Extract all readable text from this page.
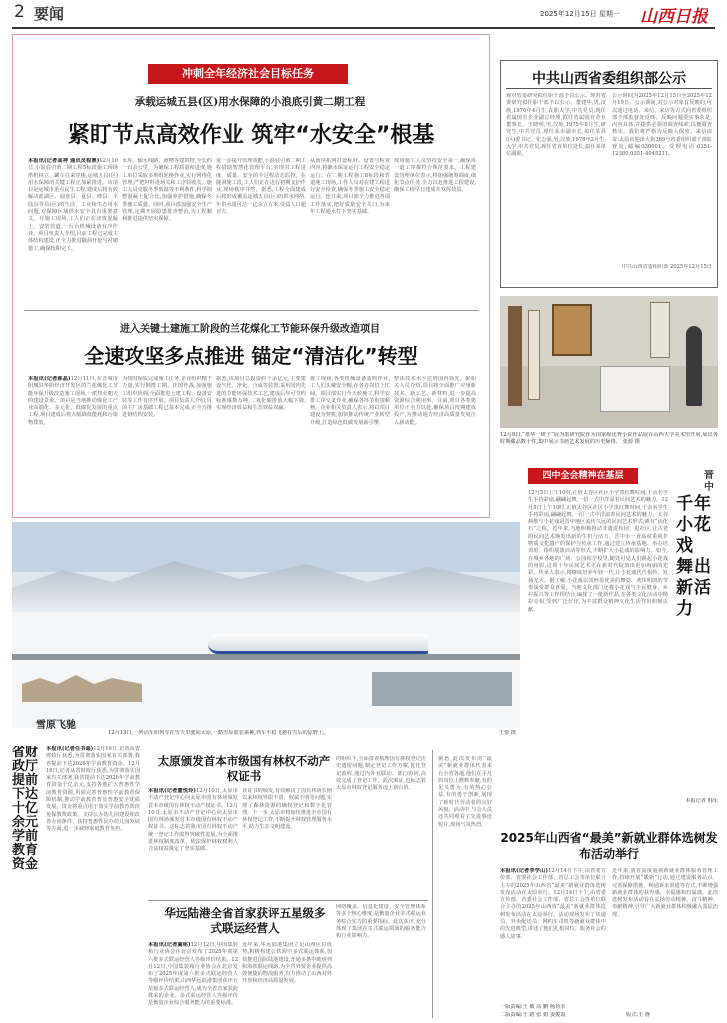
2 要闻	2025年12月15日 星期一 山西日报
冲刺全年经济社会目标任务
承载运城五县(区)用水保障的小浪底引黄二期工程
紧盯节点高效作业 筑牢“水安全”根基
本报讯(记者高神 通讯员程鼎)12月10日,小浪底引黄二期工程5标段施工现场塔机林立、罐车往来穿梭,运城五县(区)用水保障的关键工程正加紧推进。该项目是运城市重点民生工程,建成后将有效解决盐湖区、闻喜县、夏县、绛县、平陆县等县(区)的生活、工业和生态用水问题,对保障区域供水安全具有重要意义。在施工现场,工人们正在浇筑混凝土、安装管道,一台台机械设备有序作业。项目负责人介绍,目前工程已完成主体结构建设,正全力推进隧洞开挖与衬砌施工,确保按期完工。
水库、输水线路、渡槽等建筑物,全长约一百余公里。为确保工程质量和进度,施工单位采取多班组轮换作业,实行网格化管理,严把材料进场关和工序验收关。施工人员克服冬季低温等不利条件,科学调整混凝土配合比,加强养护措施,确保冬季施工质量。同时,项目部加强安全生产管理,定期开展隐患排查整治,为工程顺利推进提供坚实保障。
进一步提升管理效能,小浪底引黄二期工程借助智慧化管理平台,实现对工程进度、质量、安全的全过程动态监控。在隧洞施工段,工人们正在进行初期支护作业,现场秩序井然。据悉,工程全面建成后将形成覆盖运城五县(区)的供水网络,年供水量可达一亿余立方米,受益人口超百万。
从而顶拓网打设标杆、设置与检查内容,将确水保证运行工程安全稳定运行。在二期工程施工8标段和管道施工现场,工作人员对在建工程进行安全检查,确保冬季施工安全稳定运行。连日来,项目部全力推进各项工作落实,把好质量安全关口,为来年工程通水打下坚实基础。
现场施工人员坚持安全第一,确保每一道工序都符合规范要求。工程建设管理单位表示,将加强统筹调度,细化节点任务,全力以赴推进工程建设,确保工程早日建成并发挥效益。
进入关键土建施工阶段的兰花煤化工节能环保升级改造项目
全速攻坚多点推进 锚定“清洁化”转型
本报讯(记者郝晶)12月11日,在晋城市阳城县华阳经济开发区的兰花煤化工节能环保升级改造施工现场,一派热火朝天的建设景象。项目是当地推动煤化工产业高端化、多元化、低碳化发展的重点工程,项目建成后将大幅降低能耗和污染物排放。
为按时保质完成施工任务,企业组织精干力量,实行倒排工期、挂图作战,加强施工组织协调,全面推进土建工程、设备安装等工作有序开展。项目负责人介绍,目前主厂房基础工程已基本完成,正全力推进钢结构安装。
据悉,该项目总投资约十余亿元,主要建设气化、净化、合成等装置,采用国内先进的节能环保技术工艺,建成后年可节约标准煤数万吨,二氧化碳排放大幅下降,实现经济效益和生态效益双赢。
施工现场,各类机械设备轰鸣作业,工人们头戴安全帽,在各自岗位上忙碌。项目部实行全天候施工,科学安排工序交叉作业,确保各环节衔接顺畅。企业相关负责人表示,将以项目建设为契机,加快推动传统产业转型升级,打造绿色低碳发展新引擎。
整体技术水平达到国内领先。据相关人员介绍,项目将全面推广应用新技术、新工艺、新材料,进一步提高资源综合利用率。目前,项目各参建单位正全力以赴,确保项目按期建成投产,为推动地方经济高质量发展注入新动能。
中共山西省委组织部公示
现对省委研究拟任职干部予以公示。现对省委研究拟任职干部予以公示。董建华,男,汉族,1976年4月生,在职大学,中共党员,现任省属国有企业副总经理,拟任省属国有企业董事长。王晓明,男,汉族,1975年8月生,研究生,中共党员,现任某市副市长,拟任某县(区)委书记。张志强,男,汉族,1978年2月生,大学,中共党员,现任省直单位处长,拟任某单位副职。
公示时间为2025年12月15日至2025年12月19日。公示期间,对公示对象有反映的,可以通过电话、来信、来访等方式向省委组织部干部监督处反映。反映问题要实事求是,内容具体,并提供必要的调查线索,以便调查核实。我们将严格为反映人保密。来信请寄:太原市迎泽大街369号省委组织部干部监督处,邮编030001。受理电话:0351-12380,0351-4045211。
中共山西省委组织部 2025年12月15日
12月9日,“墨华一研子”展为墨研究院作为国家级优秀小说作品展在山西大学美术馆开展,展出各时期藏品数十件,集中展示书画艺术发展的历史脉络。 张源 摄
四中全会精神在基层
12月5日上午10时,正值太谷区社区小学黑红舞时间,千余名学生手持彩扇,翩翩起舞,一招一式中洋溢着民间艺术的魅力。12月5日上午10时,正值太谷区社区小学黑红舞时间,千余名学生手持彩扇,翩翩起舞,一招一式中洋溢着民间艺术的魅力。太谷秧歌与小花戏是晋中地区流传久远的民间艺术形式,素有“活化石”之称。近年来,当地积极推动非遗进校园、进社区,让古老的民间艺术焕发出新的生机与活力。晋中市一直高度重视非物质文化遗产的保护与传承工作,通过建立传承基地、举办培训班、组织展演活动等形式,不断扩大小花戏的影响力。如今,在城乡各地的广场、公园和学校里,随处可见人们跳起小花戏的身影,这项千年民间艺术正在新时代绽放出更加绚丽的光彩。传承人表示,将继续培养年轻一代,让小花戏代代相传、发扬光大。据了解,小花戏以其轻盈优美的舞姿、欢快明朗的节奏深受群众喜爱。当地文化部门还将小花戏与全民健身、乡村振兴等工作相结合,编排了一批新作品,在各类文化活动中精彩亮相,受到广泛好评,为丰富群众精神文化生活作出积极贡献。
晋中
千年小花戏 舞出新活力
本报记者 韩乐
雪原飞驰
12月13日,一列动车组列车在雪天里驶向太原,一路雪原银装素裹,列车平稳飞驰在雪后的原野上。	王蕾 摄
省财政厅提前下达十亿余元学前教育资金
本报讯(记者任书遥)12月16日,记者从省财政厅获悉,为贯彻落实国家有关部署,我省提前下达2026年学前教育资金。12月16日,记者从省财政厅获悉,为贯彻落实国家有关部署,我省提前下达2026年学前教育资金十亿余元,支持各地扩大普惠性学前教育资源,巩固完善普惠性学前教育保障机制,推动学前教育普及普惠安全优质发展。资金将重点用于落实学前教育阶段免保教费政策、支持公办幼儿园建设和改善办园条件、扶持普惠性民办幼儿园发展等方面,进一步减轻家庭教育负担。
太原颁发首本市级国有林权不动产权证书
本报讯(记者董悦玲)12月10日,太原市不动产登记中心向太原市国有林场颁发首本市级国有林权不动产权证书。12月10日,太原市不动产登记中心向太原市国有林场颁发首本市级国有林权不动产权证书。这标志着我市国有林权不动产统一登记工作取得突破性进展,为全面推进林权制度改革、依法保护林权权利人合法权益奠定了坚实基础。
该证书的颁发,有效解决了国有林场长期以来林权界限不清、权属不明等问题,实现了森林资源的确权登记和数字化管理。下一步,太原市将加快推进全市国有林权登记工作,不断提升林权管理服务水平,助力生态文明建设。
的组织下,全面排查梳理国有林权登记历史遗留问题,制定登记工作方案,优化登记流程,通过内外业联动、部门协同,高效完成了登记工作。此次颁证,也标志着太原市林权登记服务迈上新台阶。
华远陆港全省首家获评五星级多式联运经营人
本报讯(记者冀铭)12月12日,中国集装箱行业协会在北京发布了2025年度第六批多式联运经营人等级评价结果。12月12日,中国集装箱行业协会在北京发布了2025年度第六批多式联运经营人等级评价结果,山西华远陆港集团获评五星级多式联运经营人,成为全省首家获此殊荣的企业。多式联运经营人等级评价是衡量企业综合服务能力的重要标准。
近年来,华远陆港集团立足山西区位优势,积极构建公铁海空多式联运体系,加快推进国际陆港建设,开通多条中欧班列和海铁联运线路,为全省外贸企业提供高效便捷的物流服务,有力推动了山西对外开放和经济高质量发展。
网络覆盖、信息化建设、安全管理体系等多个核心维度,是衡量企业多式联运业务综合实力的重要指标。此次获评,充分体现了集团在多式联运领域的服务能力和行业影响力。
2025年山西省“最美”新就业群体选树发布活动举行
据悉,此次发布的“最美”新就业群体代表来自全省各地,他们在平凡的岗位上默默奉献,有的见义勇为,有的热心公益,有的勇于创新,展现了新时代劳动者的良好风貌。活动中,与会人员还共同观看了先进事迹短片,现场气氛热烈。
本报讯(记者李学山)12月14日下午,由省委宣传部、省委社会工作部、省总工会等单位联合主办的2025年山西省“最美”新就业群体选树发布活动在太原举行。12月14日下午,由省委宣传部、省委社会工作部、省总工会等单位联合主办的2025年山西省“最美”新就业群体选树发布活动在太原举行。活动现场发布了快递员、外卖配送员、网约车司机等新就业群体中的先进典型,讲述了他们扎根岗位、服务社会的感人故事。
近年来,我省高度重视新就业群体服务管理工作,持续开展“暖新”行动,通过建设服务站点、完善保障措施、畅通诉求渠道等方式,不断增强新就业群体的获得感、幸福感和归属感。此次选树发布活动旨在弘扬劳动精神、奋斗精神、奉献精神,引导广大新就业群体积极融入基层治理。
一版责编:王 敏 高 鹏 杨荷幸
二版责编:王 路 张 娟 姜俊霞	版式:王 静
